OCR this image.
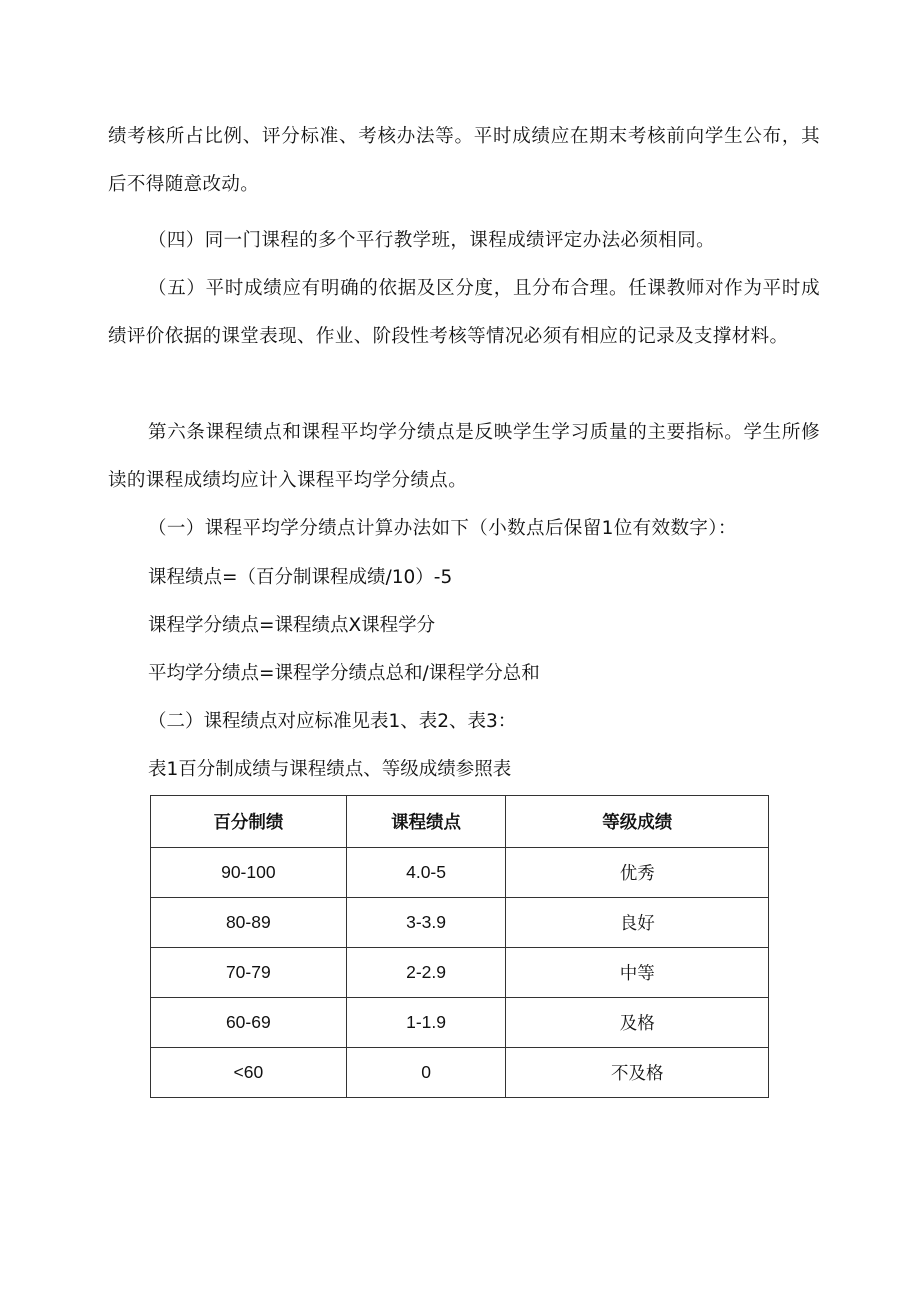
绩考核所占比例、评分标准、考核办法等。平时成绩应在期末考核前向学生公布，其后不得随意改动。

（四）同一门课程的多个平行教学班，课程成绩评定办法必须相同。

（五）平时成绩应有明确的依据及区分度，且分布合理。任课教师对作为平时成绩评价依据的课堂表现、作业、阶段性考核等情况必须有相应的记录及支撑材料。

第六条课程绩点和课程平均学分绩点是反映学生学习质量的主要指标。学生所修读的课程成绩均应计入课程平均学分绩点。

（一）课程平均学分绩点计算办法如下（小数点后保留1位有效数字）：

课程绩点=（百分制课程成绩/10）-5

课程学分绩点=课程绩点X课程学分

平均学分绩点=课程学分绩点总和/课程学分总和

（二）课程绩点对应标准见表1、表2、表3：

表1百分制成绩与课程绩点、等级成绩参照表

百分制绩	课程绩点	等级成绩
90-100	4.0-5	优秀
80-89	3-3.9	良好
70-79	2-2.9	中等
60-69	1-1.9	及格
<60	0	不及格
